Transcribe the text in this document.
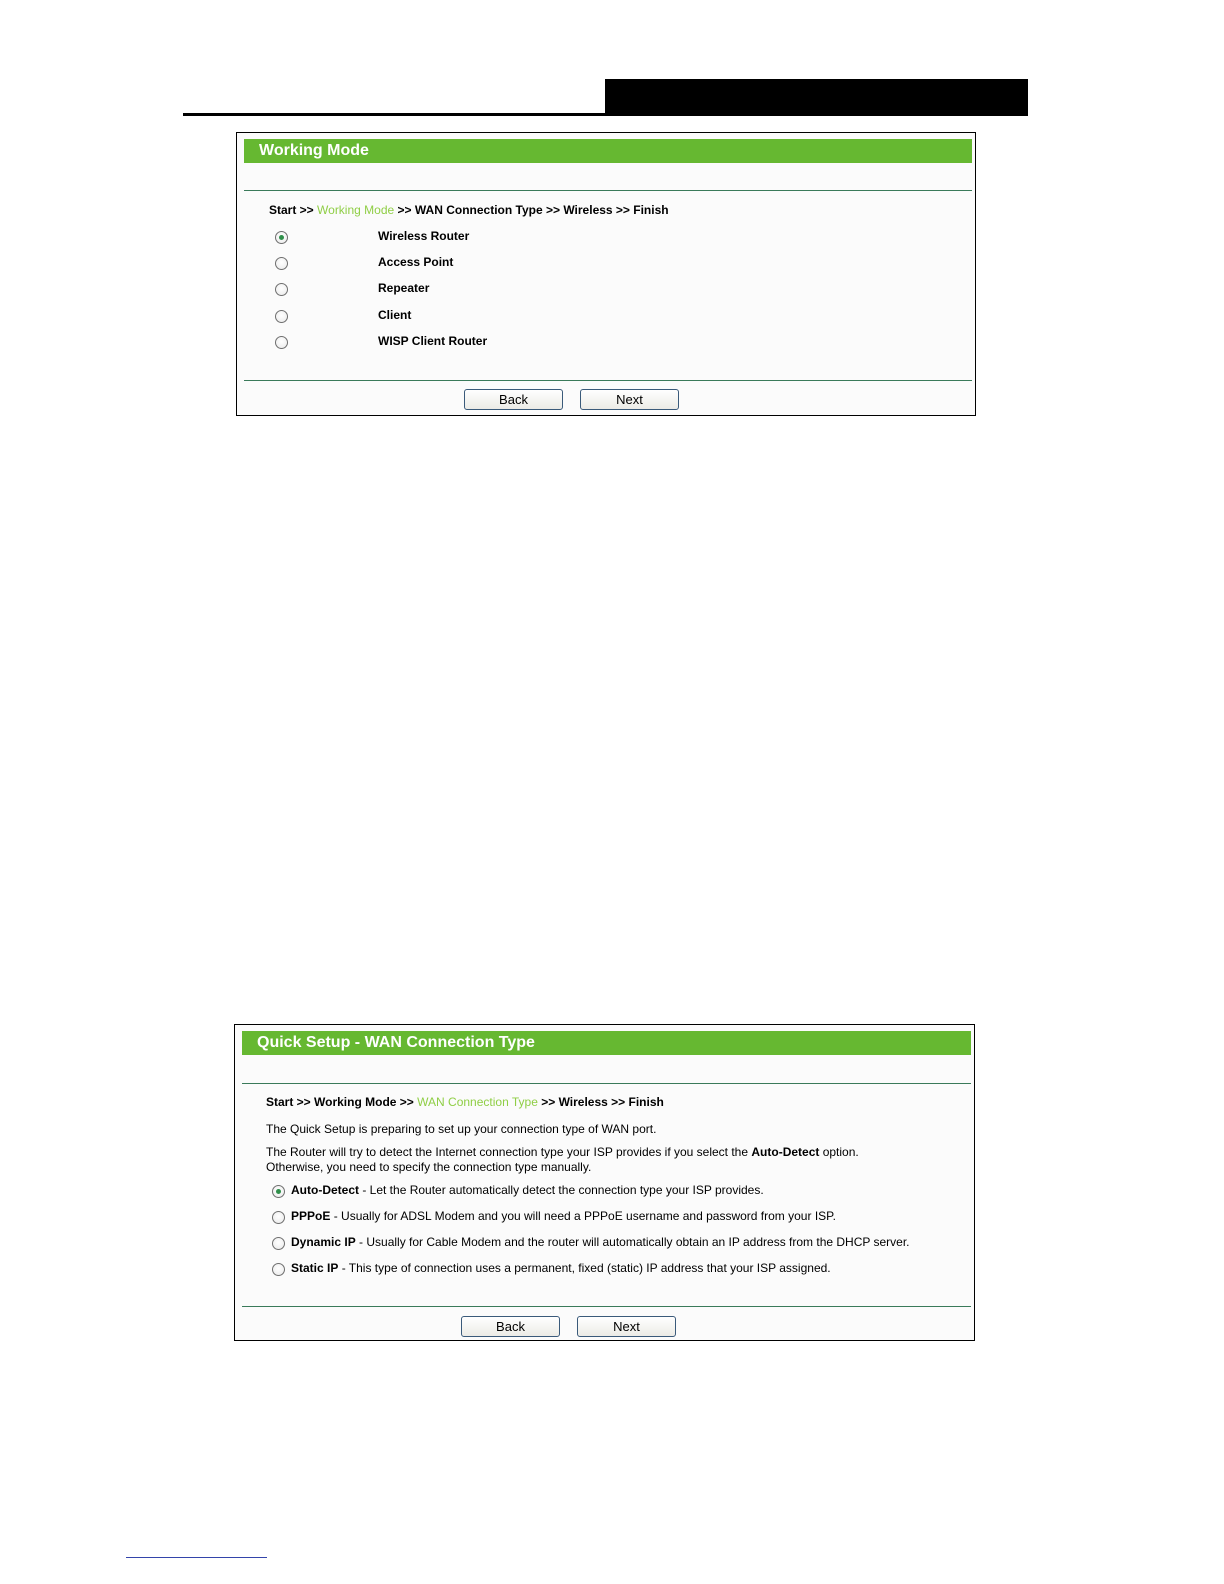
Working Mode
Start >> Working Mode >> WAN Connection Type >> Wireless >> Finish
Wireless Router
Access Point
Repeater
Client
WISP Client Router
Back	Next
Quick Setup - WAN Connection Type
Start >> Working Mode >> WAN Connection Type >> Wireless >> Finish
The Quick Setup is preparing to set up your connection type of WAN port.
The Router will try to detect the Internet connection type your ISP provides if you select the Auto-Detect option.
Otherwise, you need to specify the connection type manually.
Auto-Detect - Let the Router automatically detect the connection type your ISP provides.
PPPoE - Usually for ADSL Modem and you will need a PPPoE username and password from your ISP.
Dynamic IP - Usually for Cable Modem and the router will automatically obtain an IP address from the DHCP server.
Static IP - This type of connection uses a permanent, fixed (static) IP address that your ISP assigned.
Back	Next
